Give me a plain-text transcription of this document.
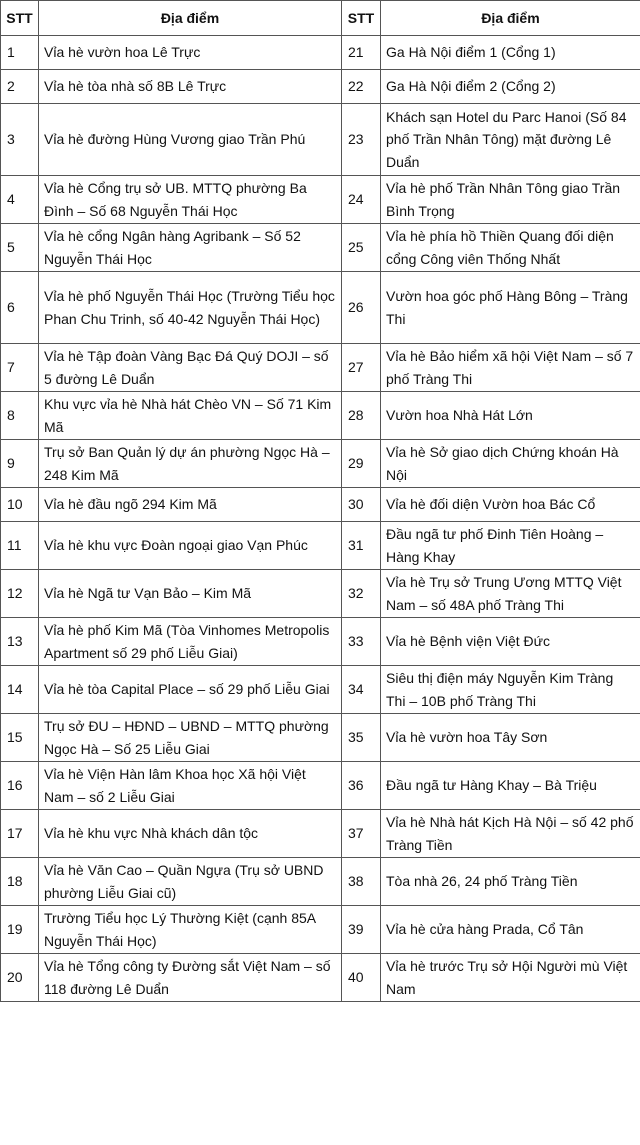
STT	Địa điểm	STT	Địa điểm
1	Vỉa hè vườn hoa Lê Trực	21	Ga Hà Nội điểm 1 (Cổng 1)
2	Vỉa hè tòa nhà số 8B Lê Trực	22	Ga Hà Nội điểm 2 (Cổng 2)
3	Vỉa hè đường Hùng Vương giao Trần Phú	23	Khách sạn Hotel du Parc Hanoi (Số 84 phố Trần Nhân Tông) mặt đường Lê Duẩn
4	Vỉa hè Cổng trụ sở UB. MTTQ phường Ba Đình – Số 68 Nguyễn Thái Học	24	Vỉa hè phố Trần Nhân Tông giao Trần Bình Trọng
5	Vỉa hè cổng Ngân hàng Agribank – Số 52 Nguyễn Thái Học	25	Vỉa hè phía hồ Thiền Quang đối diện cổng Công viên Thống Nhất
6	Vỉa hè phố Nguyễn Thái Học (Trường Tiểu học Phan Chu Trinh, số 40-42 Nguyễn Thái Học)	26	Vườn hoa góc phố Hàng Bông – Tràng Thi
7	Vỉa hè Tập đoàn Vàng Bạc Đá Quý DOJI – số 5 đường Lê Duẩn	27	Vỉa hè Bảo hiểm xã hội Việt Nam – số 7 phố Tràng Thi
8	Khu vực vỉa hè Nhà hát Chèo VN – Số 71 Kim Mã	28	Vườn hoa Nhà Hát Lớn
9	Trụ sở Ban Quản lý dự án phường Ngọc Hà – 248 Kim Mã	29	Vỉa hè Sở giao dịch Chứng khoán Hà Nội
10	Vỉa hè đầu ngõ 294 Kim Mã	30	Vỉa hè đối diện Vườn hoa Bác Cổ
11	Vỉa hè khu vực Đoàn ngoại giao Vạn Phúc	31	Đầu ngã tư phố Đinh Tiên Hoàng – Hàng Khay
12	Vỉa hè Ngã tư Vạn Bảo – Kim Mã	32	Vỉa hè Trụ sở Trung Ương MTTQ Việt Nam – số 48A phố Tràng Thi
13	Vỉa hè phố Kim Mã (Tòa Vinhomes Metropolis Apartment số 29 phố Liễu Giai)	33	Vỉa hè Bệnh viện Việt Đức
14	Vỉa hè tòa Capital Place – số 29 phố Liễu Giai	34	Siêu thị điện máy Nguyễn Kim Tràng Thi – 10B phố Tràng Thi
15	Trụ sở ĐU – HĐND – UBND – MTTQ phường Ngọc Hà – Số 25 Liễu Giai	35	Vỉa hè vườn hoa Tây Sơn
16	Vỉa hè Viện Hàn lâm Khoa học Xã hội Việt Nam – số 2 Liễu Giai	36	Đầu ngã tư Hàng Khay – Bà Triệu
17	Vỉa hè khu vực Nhà khách dân tộc	37	Vỉa hè Nhà hát Kịch Hà Nội – số 42 phố Tràng Tiền
18	Vỉa hè Văn Cao – Quần Ngựa (Trụ sở UBND phường Liễu Giai cũ)	38	Tòa nhà 26, 24 phố Tràng Tiền
19	Trường Tiểu học Lý Thường Kiệt (cạnh 85A Nguyễn Thái Học)	39	Vỉa hè cửa hàng Prada, Cổ Tân
20	Vỉa hè Tổng công ty Đường sắt Việt Nam – số 118 đường Lê Duẩn	40	Vỉa hè trước Trụ sở Hội Người mù Việt Nam
